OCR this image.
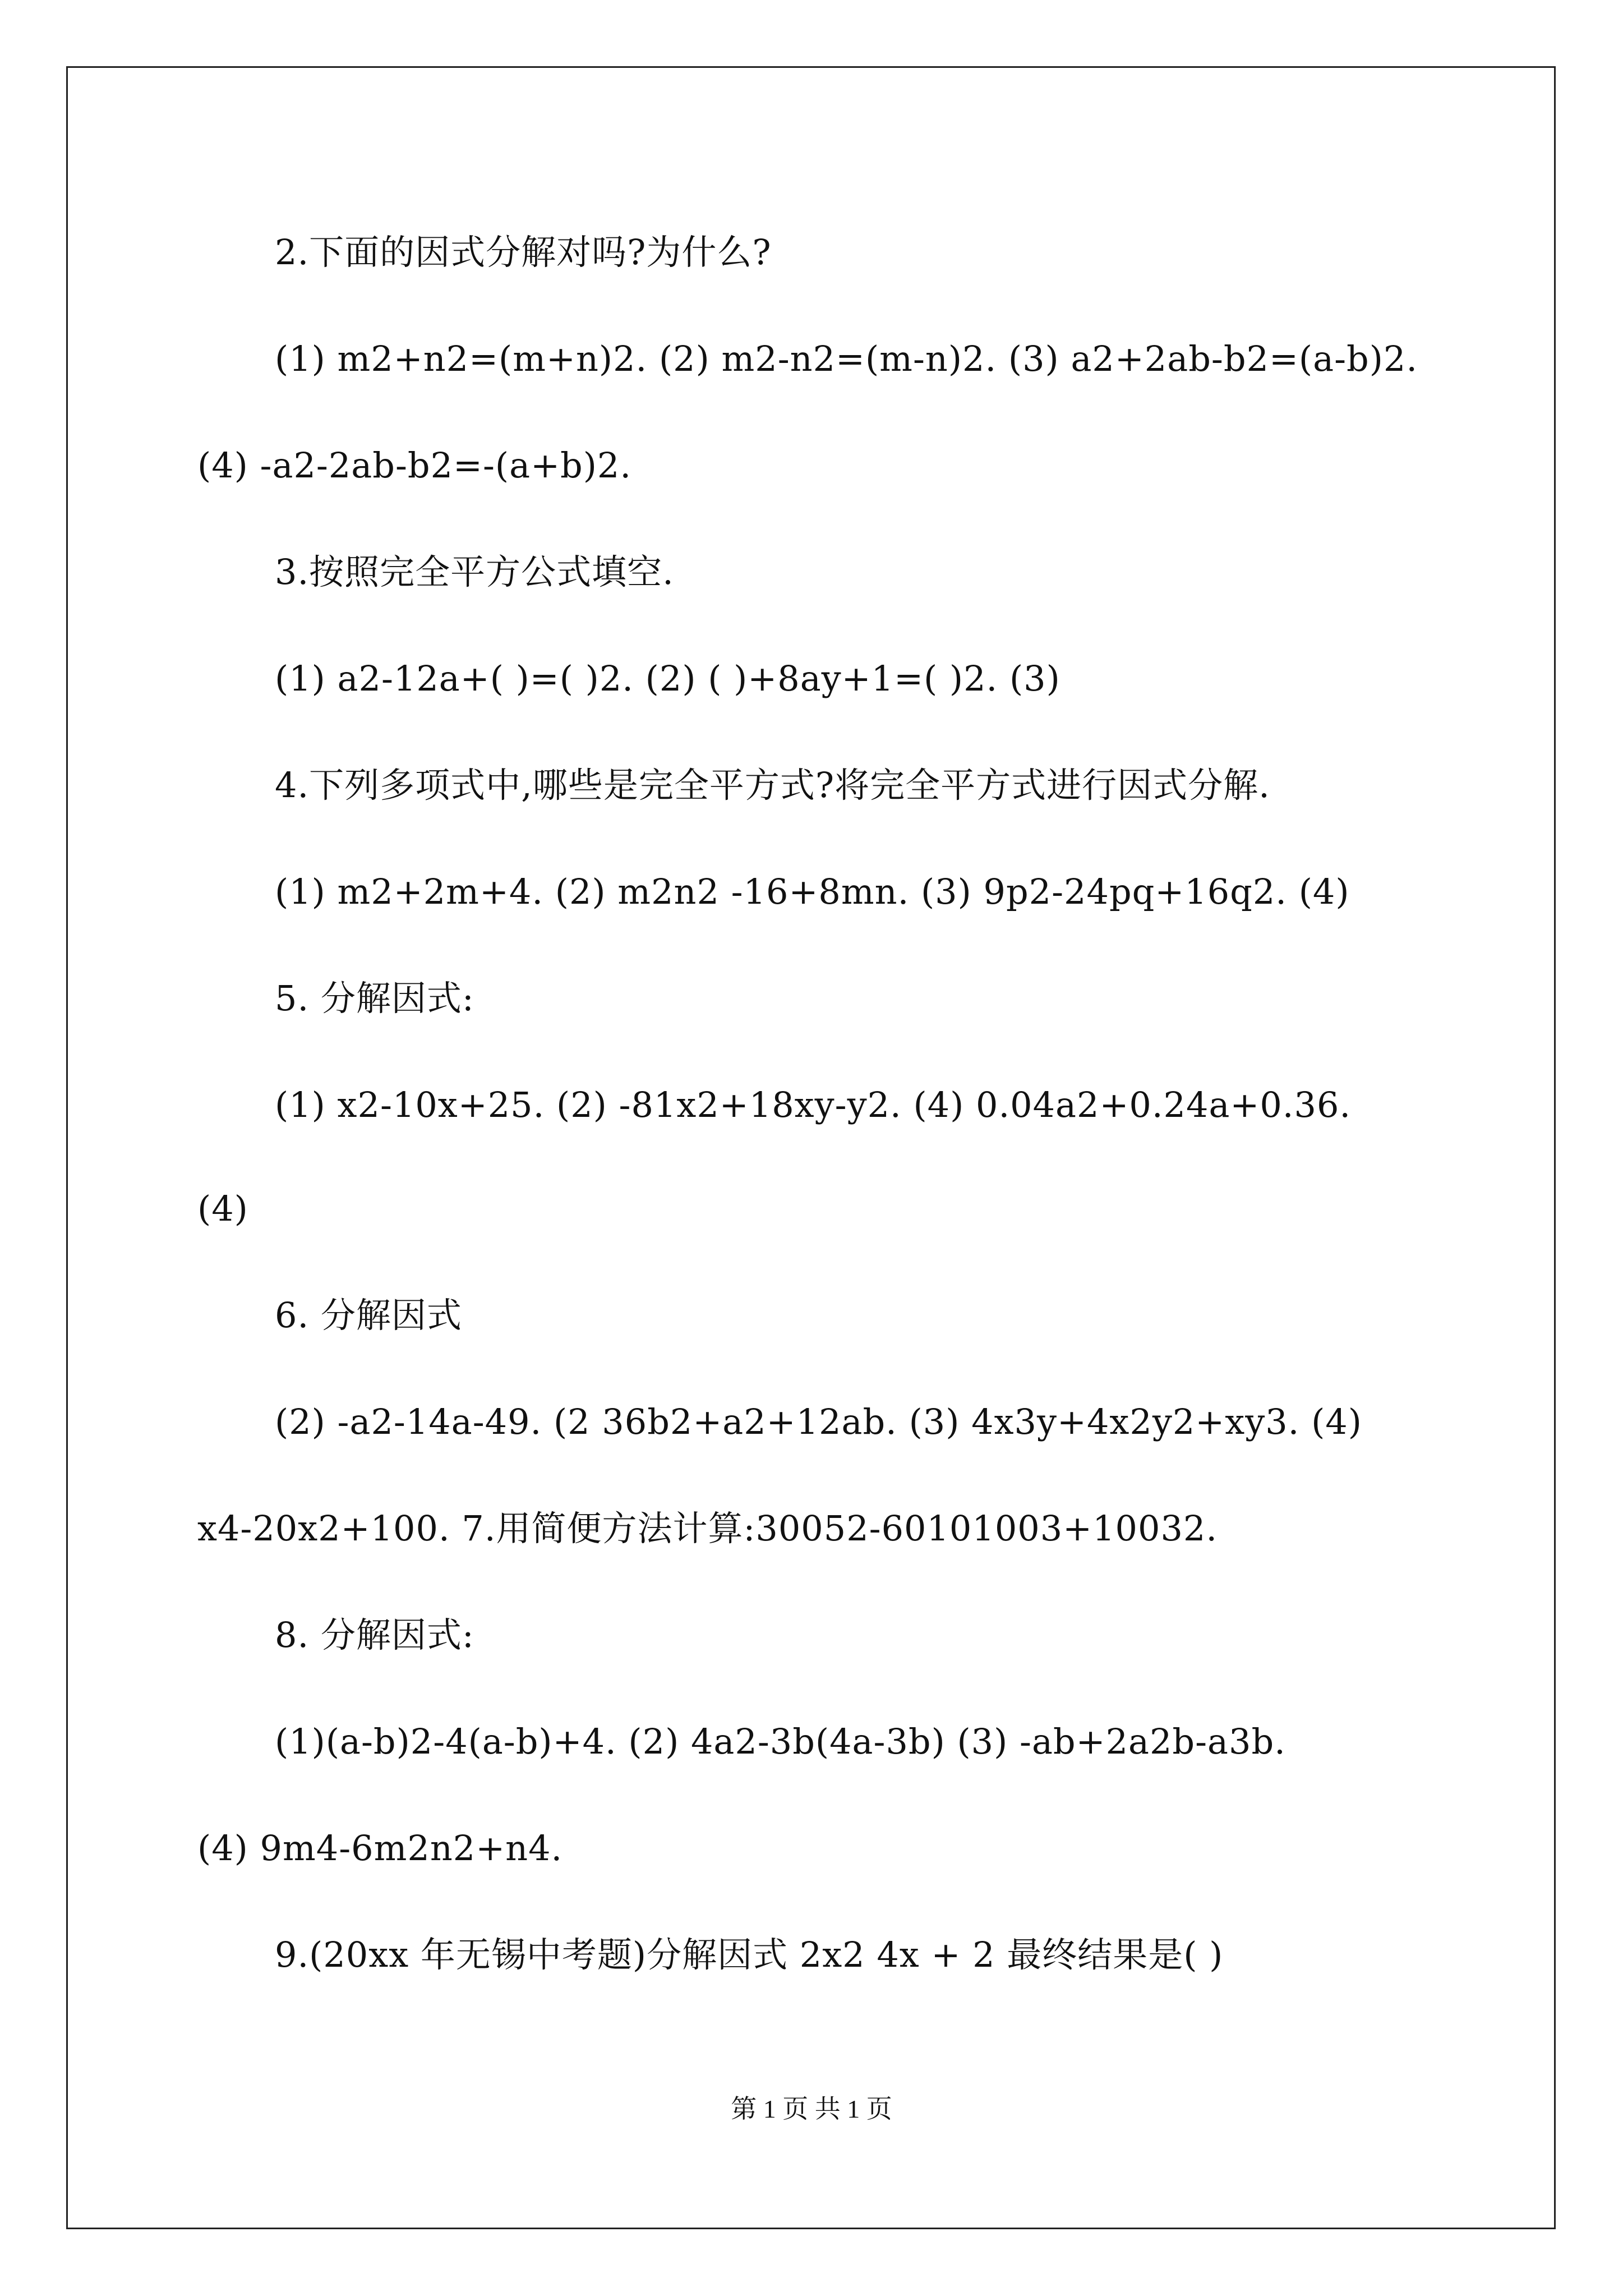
2.下面的因式分解对吗?为什么?
(1) m2+n2=(m+n)2. (2) m2-n2=(m-n)2. (3) a2+2ab-b2=(a-b)2.
(4) -a2-2ab-b2=-(a+b)2.
3.按照完全平方公式填空.
(1) a2-12a+( )=( )2. (2) ( )+8ay+1=( )2. (3)
4.下列多项式中,哪些是完全平方式?将完全平方式进行因式分解.
(1) m2+2m+4. (2) m2n2 -16+8mn. (3) 9p2-24pq+16q2. (4)
5. 分解因式:
(1) x2-10x+25. (2) -81x2+18xy-y2. (4) 0.04a2+0.24a+0.36.
(4)
6. 分解因式
(2) -a2-14a-49. (2 36b2+a2+12ab. (3) 4x3y+4x2y2+xy3. (4)
x4-20x2+100. 7.用简便方法计算:30052-60101003+10032.
8. 分解因式:
(1)(a-b)2-4(a-b)+4. (2) 4a2-3b(4a-3b) (3) -ab+2a2b-a3b.
(4) 9m4-6m2n2+n4.
9.(20xx 年无锡中考题)分解因式 2x2 4x + 2 最终结果是( )
第 1 页 共 1 页
